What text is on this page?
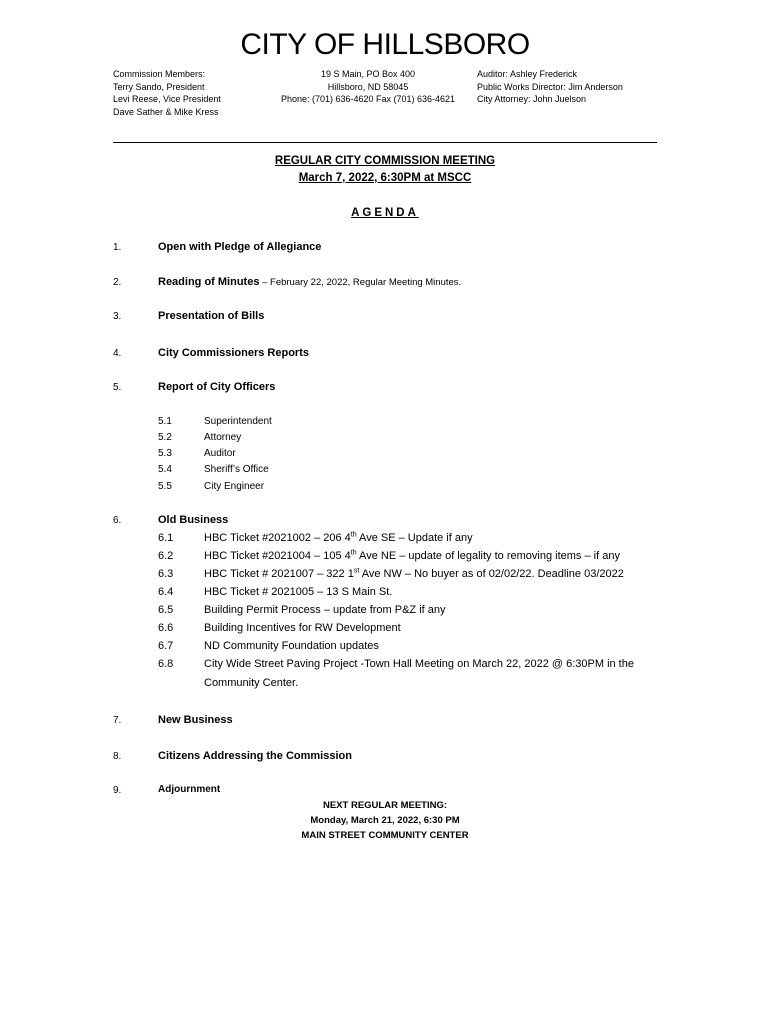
CITY OF HILLSBORO
Commission Members:
Terry Sando, President
Levi Reese, Vice President
Dave Sather & Mike Kress
19 S Main, PO Box 400
Hillsboro, ND 58045
Phone: (701) 636-4620 Fax (701) 636-4621
Auditor: Ashley Frederick
Public Works Director: Jim Anderson
City Attorney: John Juelson
REGULAR CITY COMMISSION MEETING
March 7, 2022, 6:30PM at MSCC
AGENDA
1.	Open with Pledge of Allegiance
2.	Reading of Minutes – February 22, 2022, Regular Meeting Minutes.
3.	Presentation of Bills
4.	City Commissioners Reports
5.	Report of City Officers
5.1	Superintendent
5.2	Attorney
5.3	Auditor
5.4	Sheriff’s Office
5.5	City Engineer
6.	Old Business
6.1	HBC Ticket #2021002 – 206 4th Ave SE – Update if any
6.2	HBC Ticket #2021004 – 105 4th Ave NE – update of legality to removing items – if any
6.3	HBC Ticket # 2021007 – 322 1st Ave NW – No buyer as of 02/02/22. Deadline 03/2022
6.4	HBC Ticket # 2021005 – 13 S Main St.
6.5	Building Permit Process – update from P&Z if any
6.6	Building Incentives for RW Development
6.7	ND Community Foundation updates
6.8	City Wide Street Paving Project -Town Hall Meeting on March 22, 2022 @ 6:30PM in the
Community Center.
7.	New Business
8.	Citizens Addressing the Commission
9.	Adjournment
NEXT REGULAR MEETING:
Monday, March 21, 2022, 6:30 PM
MAIN STREET COMMUNITY CENTER
